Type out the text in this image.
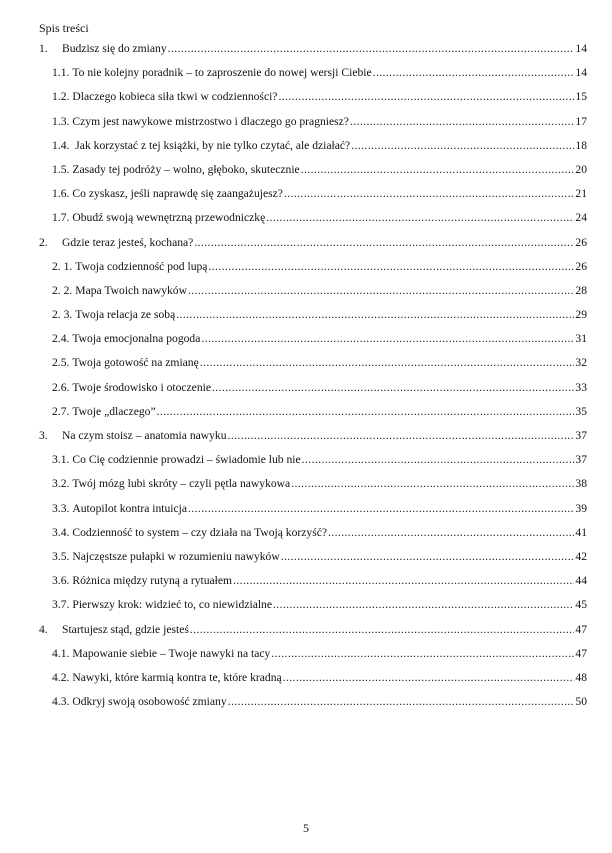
Spis treści
1.	Budzisz się do zmiany .....	14
1.1. To nie kolejny poradnik – to zaproszenie do nowej wersji Ciebie .....	14
1.2. Dlaczego kobieca siła tkwi w codzienności? .....	15
1.3. Czym jest nawykowe mistrzostwo i dlaczego go pragniesz? .....	17
1.4. Jak korzystać z tej książki, by nie tylko czytać, ale działać? .....	18
1.5. Zasady tej podróży – wolno, głęboko, skutecznie .....	20
1.6. Co zyskasz, jeśli naprawdę się zaangażujesz? .....	21
1.7. Obudź swoją wewnętrzną przewodniczkę .....	24
2.	Gdzie teraz jesteś, kochana? .....	26
2. 1. Twoja codzienność pod lupą .....	26
2. 2. Mapa Twoich nawyków .....	28
2. 3. Twoja relacja ze sobą .....	29
2.4. Twoja emocjonalna pogoda .....	31
2.5. Twoja gotowość na zmianę .....	32
2.6. Twoje środowisko i otoczenie .....	33
2.7. Twoje „dlaczego” .....	35
3.	Na czym stoisz – anatomia nawyku .....	37
3.1. Co Cię codziennie prowadzi – świadomie lub nie .....	37
3.2. Twój mózg lubi skróty – czyli pętla nawykowa .....	38
3.3. Autopilot kontra intuicja .....	39
3.4. Codzienność to system – czy działa na Twoją korzyść? .....	41
3.5. Najczęstsze pułapki w rozumieniu nawyków .....	42
3.6. Różnica między rutyną a rytuałem .....	44
3.7. Pierwszy krok: widzieć to, co niewidzialne .....	45
4.	Startujesz stąd, gdzie jesteś .....	47
4.1. Mapowanie siebie – Twoje nawyki na tacy .....	47
4.2. Nawyki, które karmią kontra te, które kradną .....	48
4.3. Odkryj swoją osobowość zmiany .....	50
5
